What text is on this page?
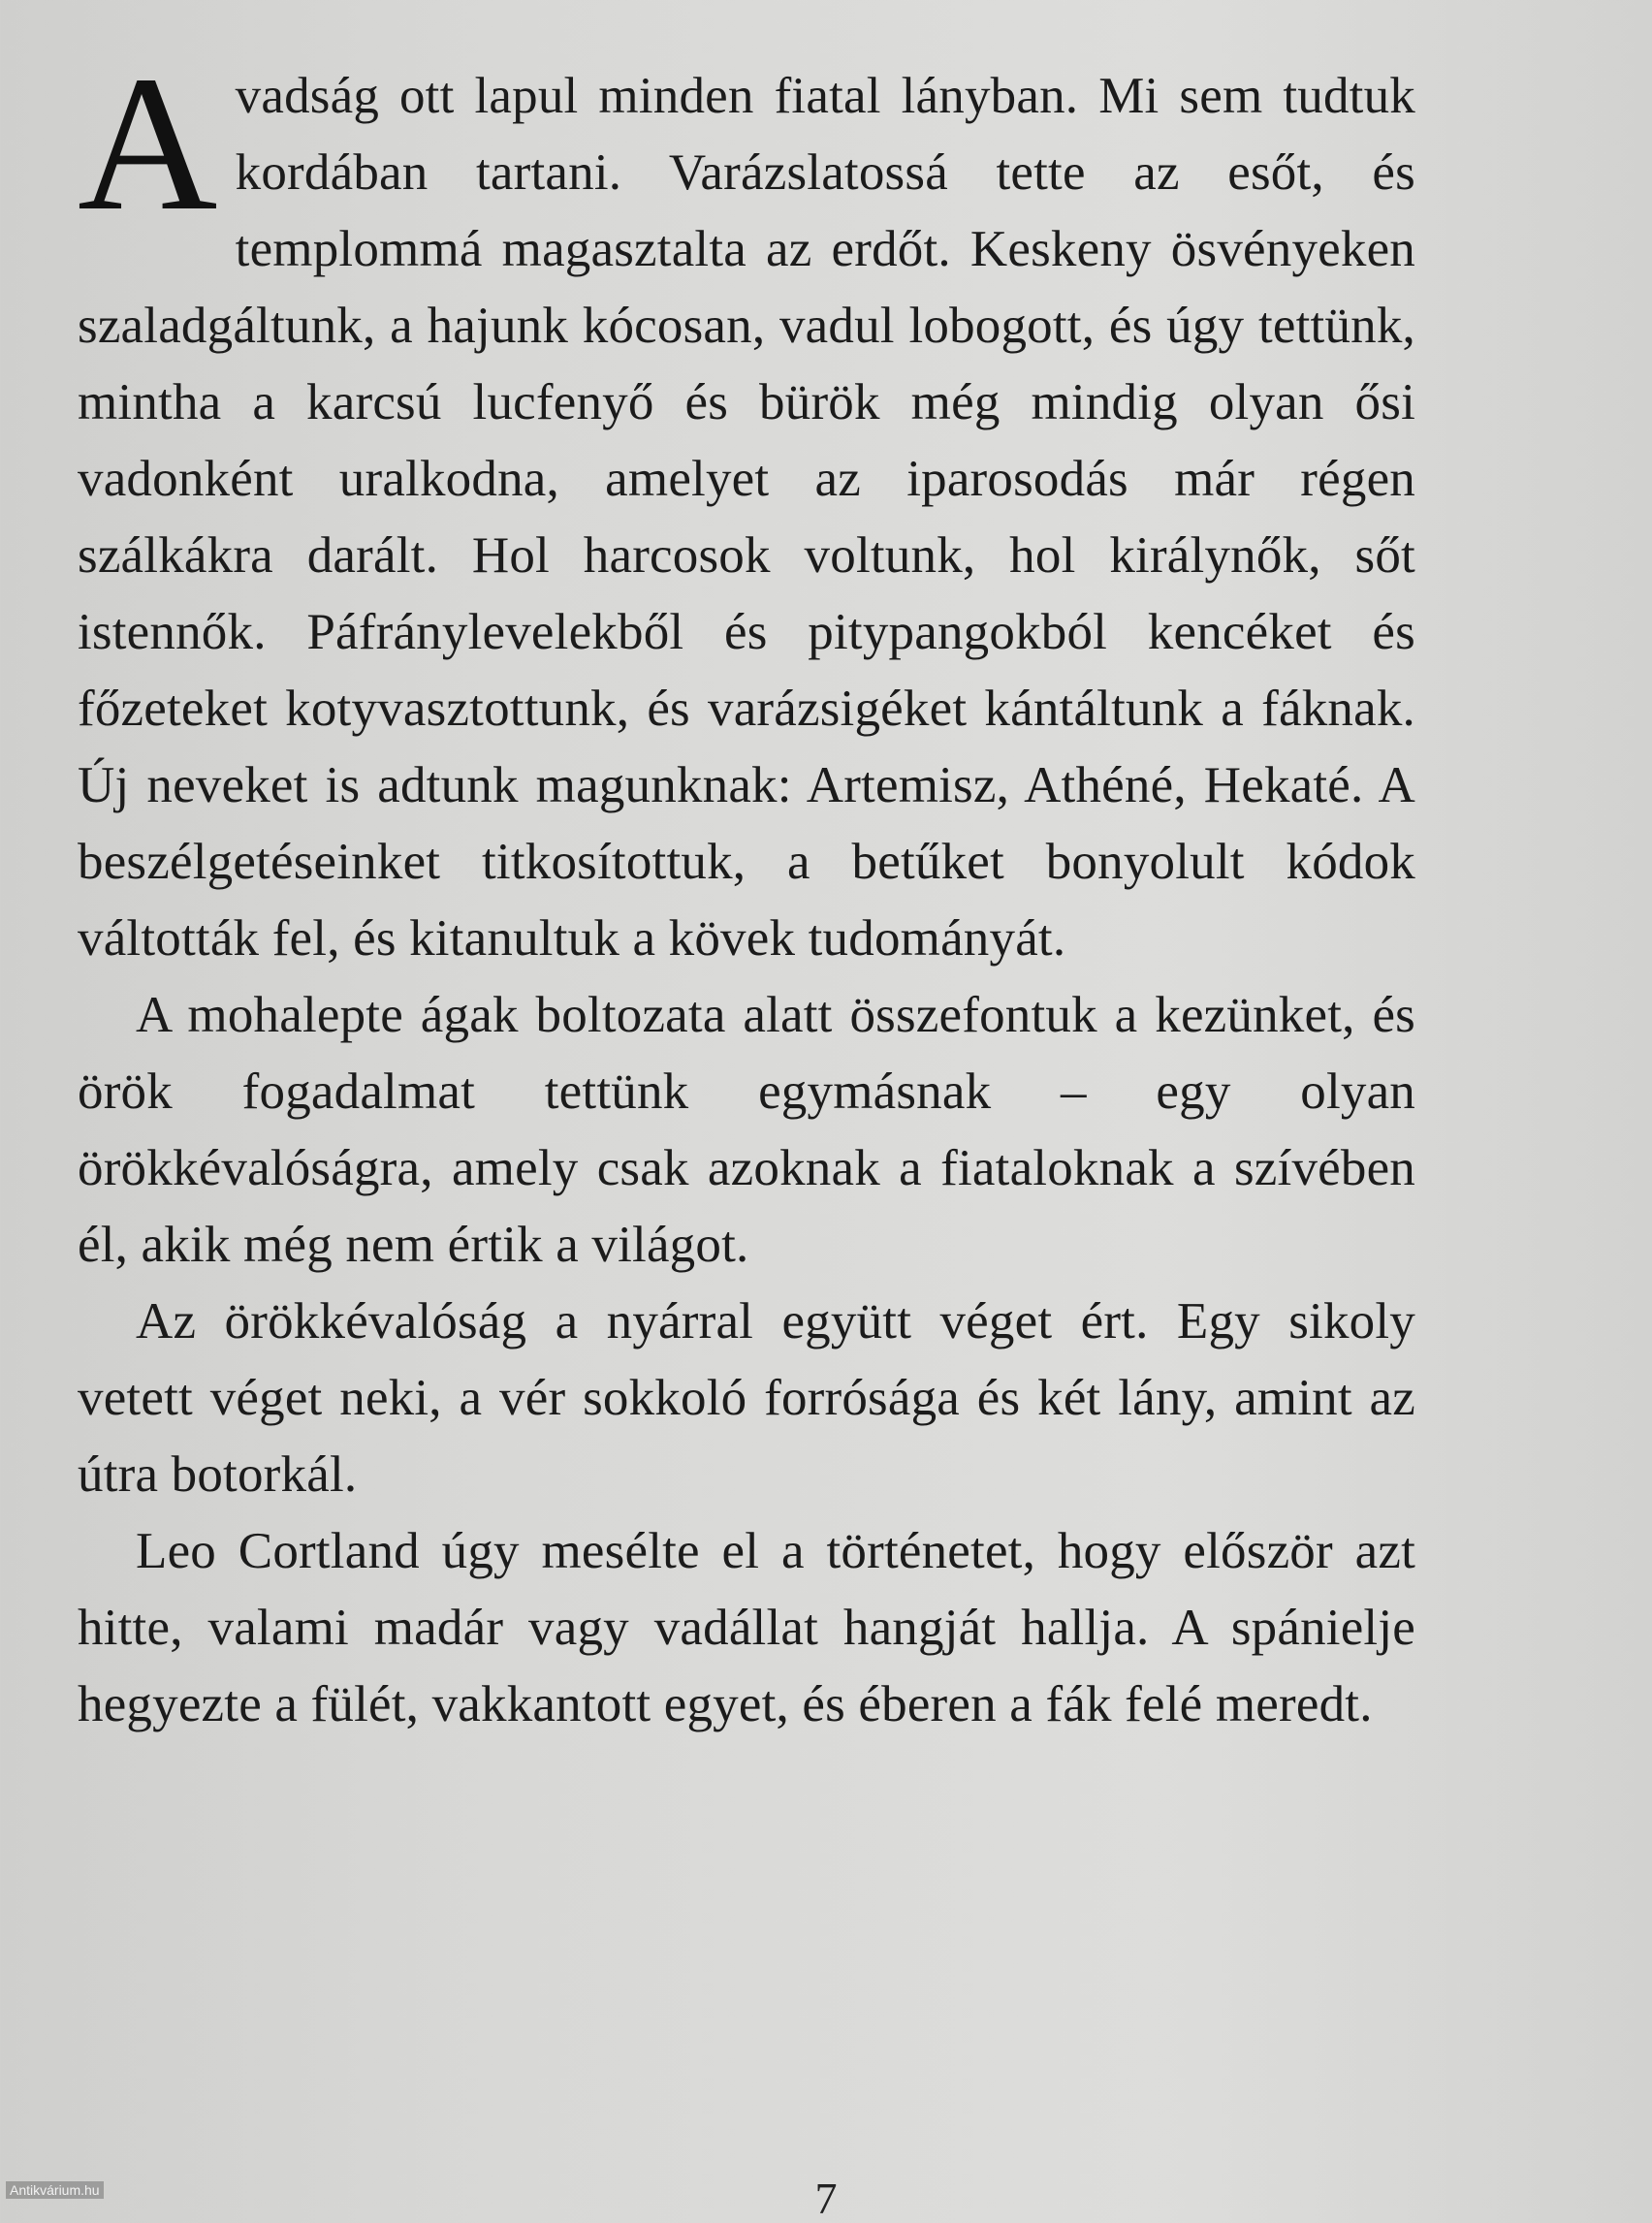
A vadság ott lapul minden fiatal lányban. Mi sem tudtuk kordában tartani. Varázslatossá tette az esőt, és templommá magasztalta az erdőt. Keskeny ösvényeken szaladgáltunk, a hajunk kócosan, vadul lobogott, és úgy tettünk, mintha a karcsú lucfenyő és bürök még mindig olyan ősi vadonként uralkodna, amelyet az iparosodás már régen szálkákra darált. Hol harcosok voltunk, hol királynők, sőt istennők. Páfránylevelekből és pitypangokból kencéket és főzeteket kotyvasztottunk, és varázsigéket kántáltunk a fáknak. Új neveket is adtunk magunknak: Artemisz, Athéné, Hekaté. A beszélgetéseinket titkosítottuk, a betűket bonyolult kódok váltották fel, és kitanultuk a kövek tudományát.

A mohalepte ágak boltozata alatt összefontuk a kezünket, és örök fogadalmat tettünk egymásnak – egy olyan örökkévalóságra, amely csak azoknak a fiataloknak a szívében él, akik még nem értik a világot.

Az örökkévalóság a nyárral együtt véget ért. Egy sikoly vetett véget neki, a vér sokkoló forrósága és két lány, amint az útra botorkál.

Leo Cortland úgy mesélte el a történetet, hogy először azt hitte, valami madár vagy vadállat hangját hallja. A spánielje hegyezte a fülét, vakkantott egyet, és éberen a fák felé meredt.

7
Antikvárium.hu
